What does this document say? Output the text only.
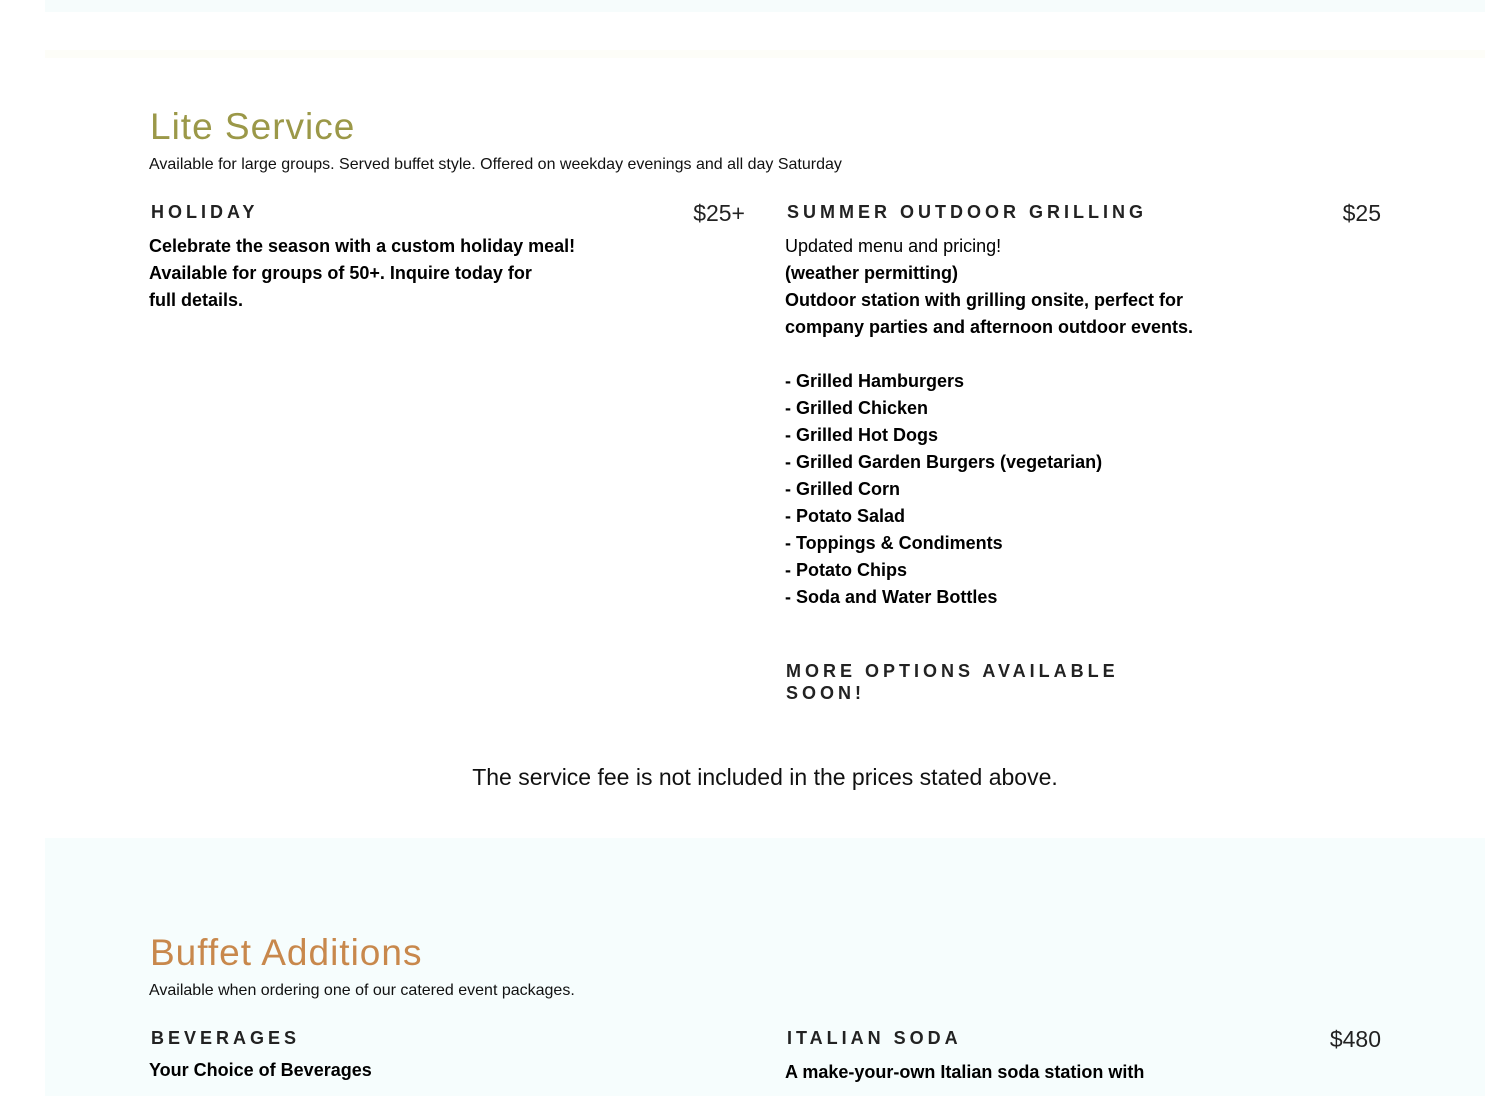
Lite Service

Available for large groups. Served buffet style. Offered on weekday evenings and all day Saturday

HOLIDAY	$25+
Celebrate the season with a custom holiday meal!
Available for groups of 50+. Inquire today for
full details.
SUMMER OUTDOOR GRILLING	$25
Updated menu and pricing!
(weather permitting)
Outdoor station with grilling onsite, perfect for
company parties and afternoon outdoor events.
- Grilled Hamburgers
- Grilled Chicken
- Grilled Hot Dogs
- Grilled Garden Burgers (vegetarian)
- Grilled Corn
- Potato Salad
- Toppings & Condiments
- Potato Chips
- Soda and Water Bottles
MORE OPTIONS AVAILABLE SOON!

The service fee is not included in the prices stated above.

Buffet Additions

Available when ordering one of our catered event packages.

BEVERAGES
Your Choice of Beverages
ITALIAN SODA	$480
A make-your-own Italian soda station with
